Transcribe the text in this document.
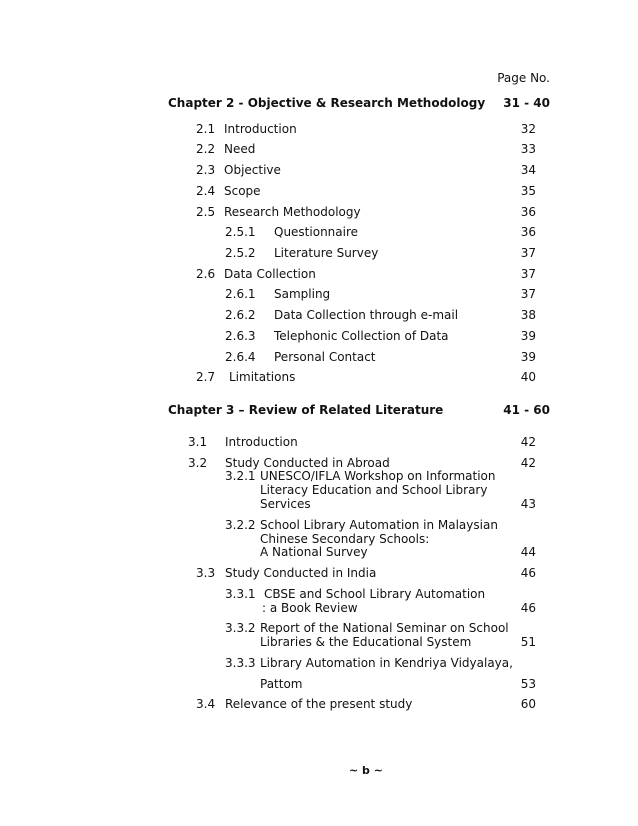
Page No.
Chapter 2 - Objective & Research Methodology 31 - 40
2.1 Introduction	32
2.2 Need	33
2.3 Objective	34
2.4 Scope	35
2.5 Research Methodology	36
2.5.1 Questionnaire	36
2.5.2 Literature Survey	37
2.6 Data Collection	37
2.6.1 Sampling	37
2.6.2 Data Collection through e-mail	38
2.6.3 Telephonic Collection of Data	39
2.6.4 Personal Contact	39
2.7 Limitations	40
Chapter 3 – Review of Related Literature	41 - 60
3.1 Introduction	42
3.2 Study Conducted in Abroad	42
3.2.1 UNESCO/IFLA Workshop on Information
Literacy Education and School Library
Services	43
3.2.2 School Library Automation in Malaysian
Chinese Secondary Schools:
A National Survey	44
3.3 Study Conducted in India	46
3.3.1 CBSE and School Library Automation
: a Book Review	46
3.3.2 Report of the National Seminar on School
Libraries & the Educational System	51
3.3.3 Library Automation in Kendriya Vidyalaya,
Pattom	53
3.4 Relevance of the present study	60
~ b ~
